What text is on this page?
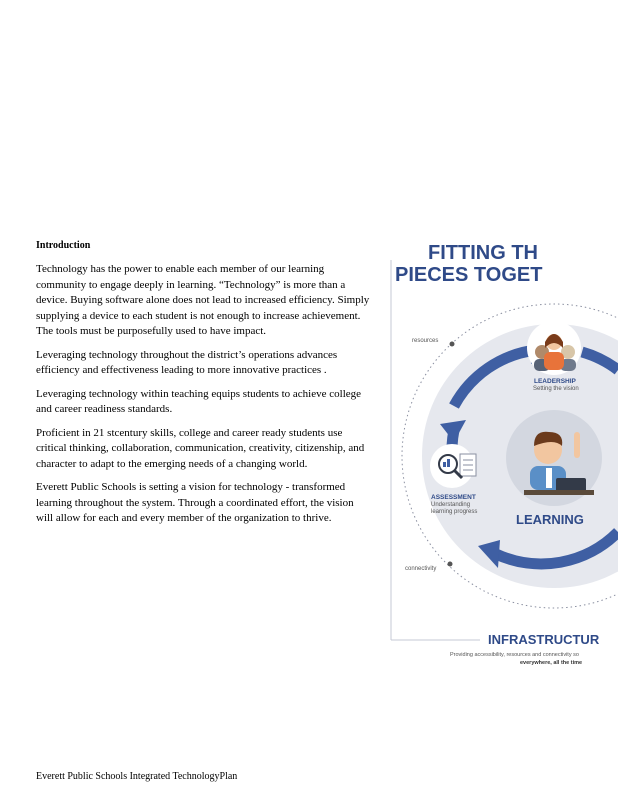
Introduction

Technology has the power to enable each member of our learning community to engage deeply in learning. “Technology” is more than a device. Buying software alone does not lead to increased efficiency. Simply supplying a device to each student is not enough to increase achievement. The tools must be purposefully used to have impact.

Leveraging technology throughout the district’s operations advances efficiency and effectiveness leading to more innovative practices .

Leveraging technology within teaching equips students to achieve college and career readiness standards.

Proficient in 21 stcentury skills, college and career ready students use critical thinking, collaboration, communication, creativity, citizenship, and character to adapt to the emerging needs of a changing world.

Everett Public Schools is setting a vision for technology - transformed learning throughout the system. Through a coordinated effort, the vision will allow for each and every member of the organization to thrive.

FITTING TH
PIECES TOGET
resources
LEADERSHIP
Setting the vision
ASSESSMENT
Understanding
learning progress	LEARNING
connectivity
INFRASTRUCTUR
Providing accessibility, resources and connectivity so
everywhere, all the time
Everett Public Schools Integrated TechnologyPlan
